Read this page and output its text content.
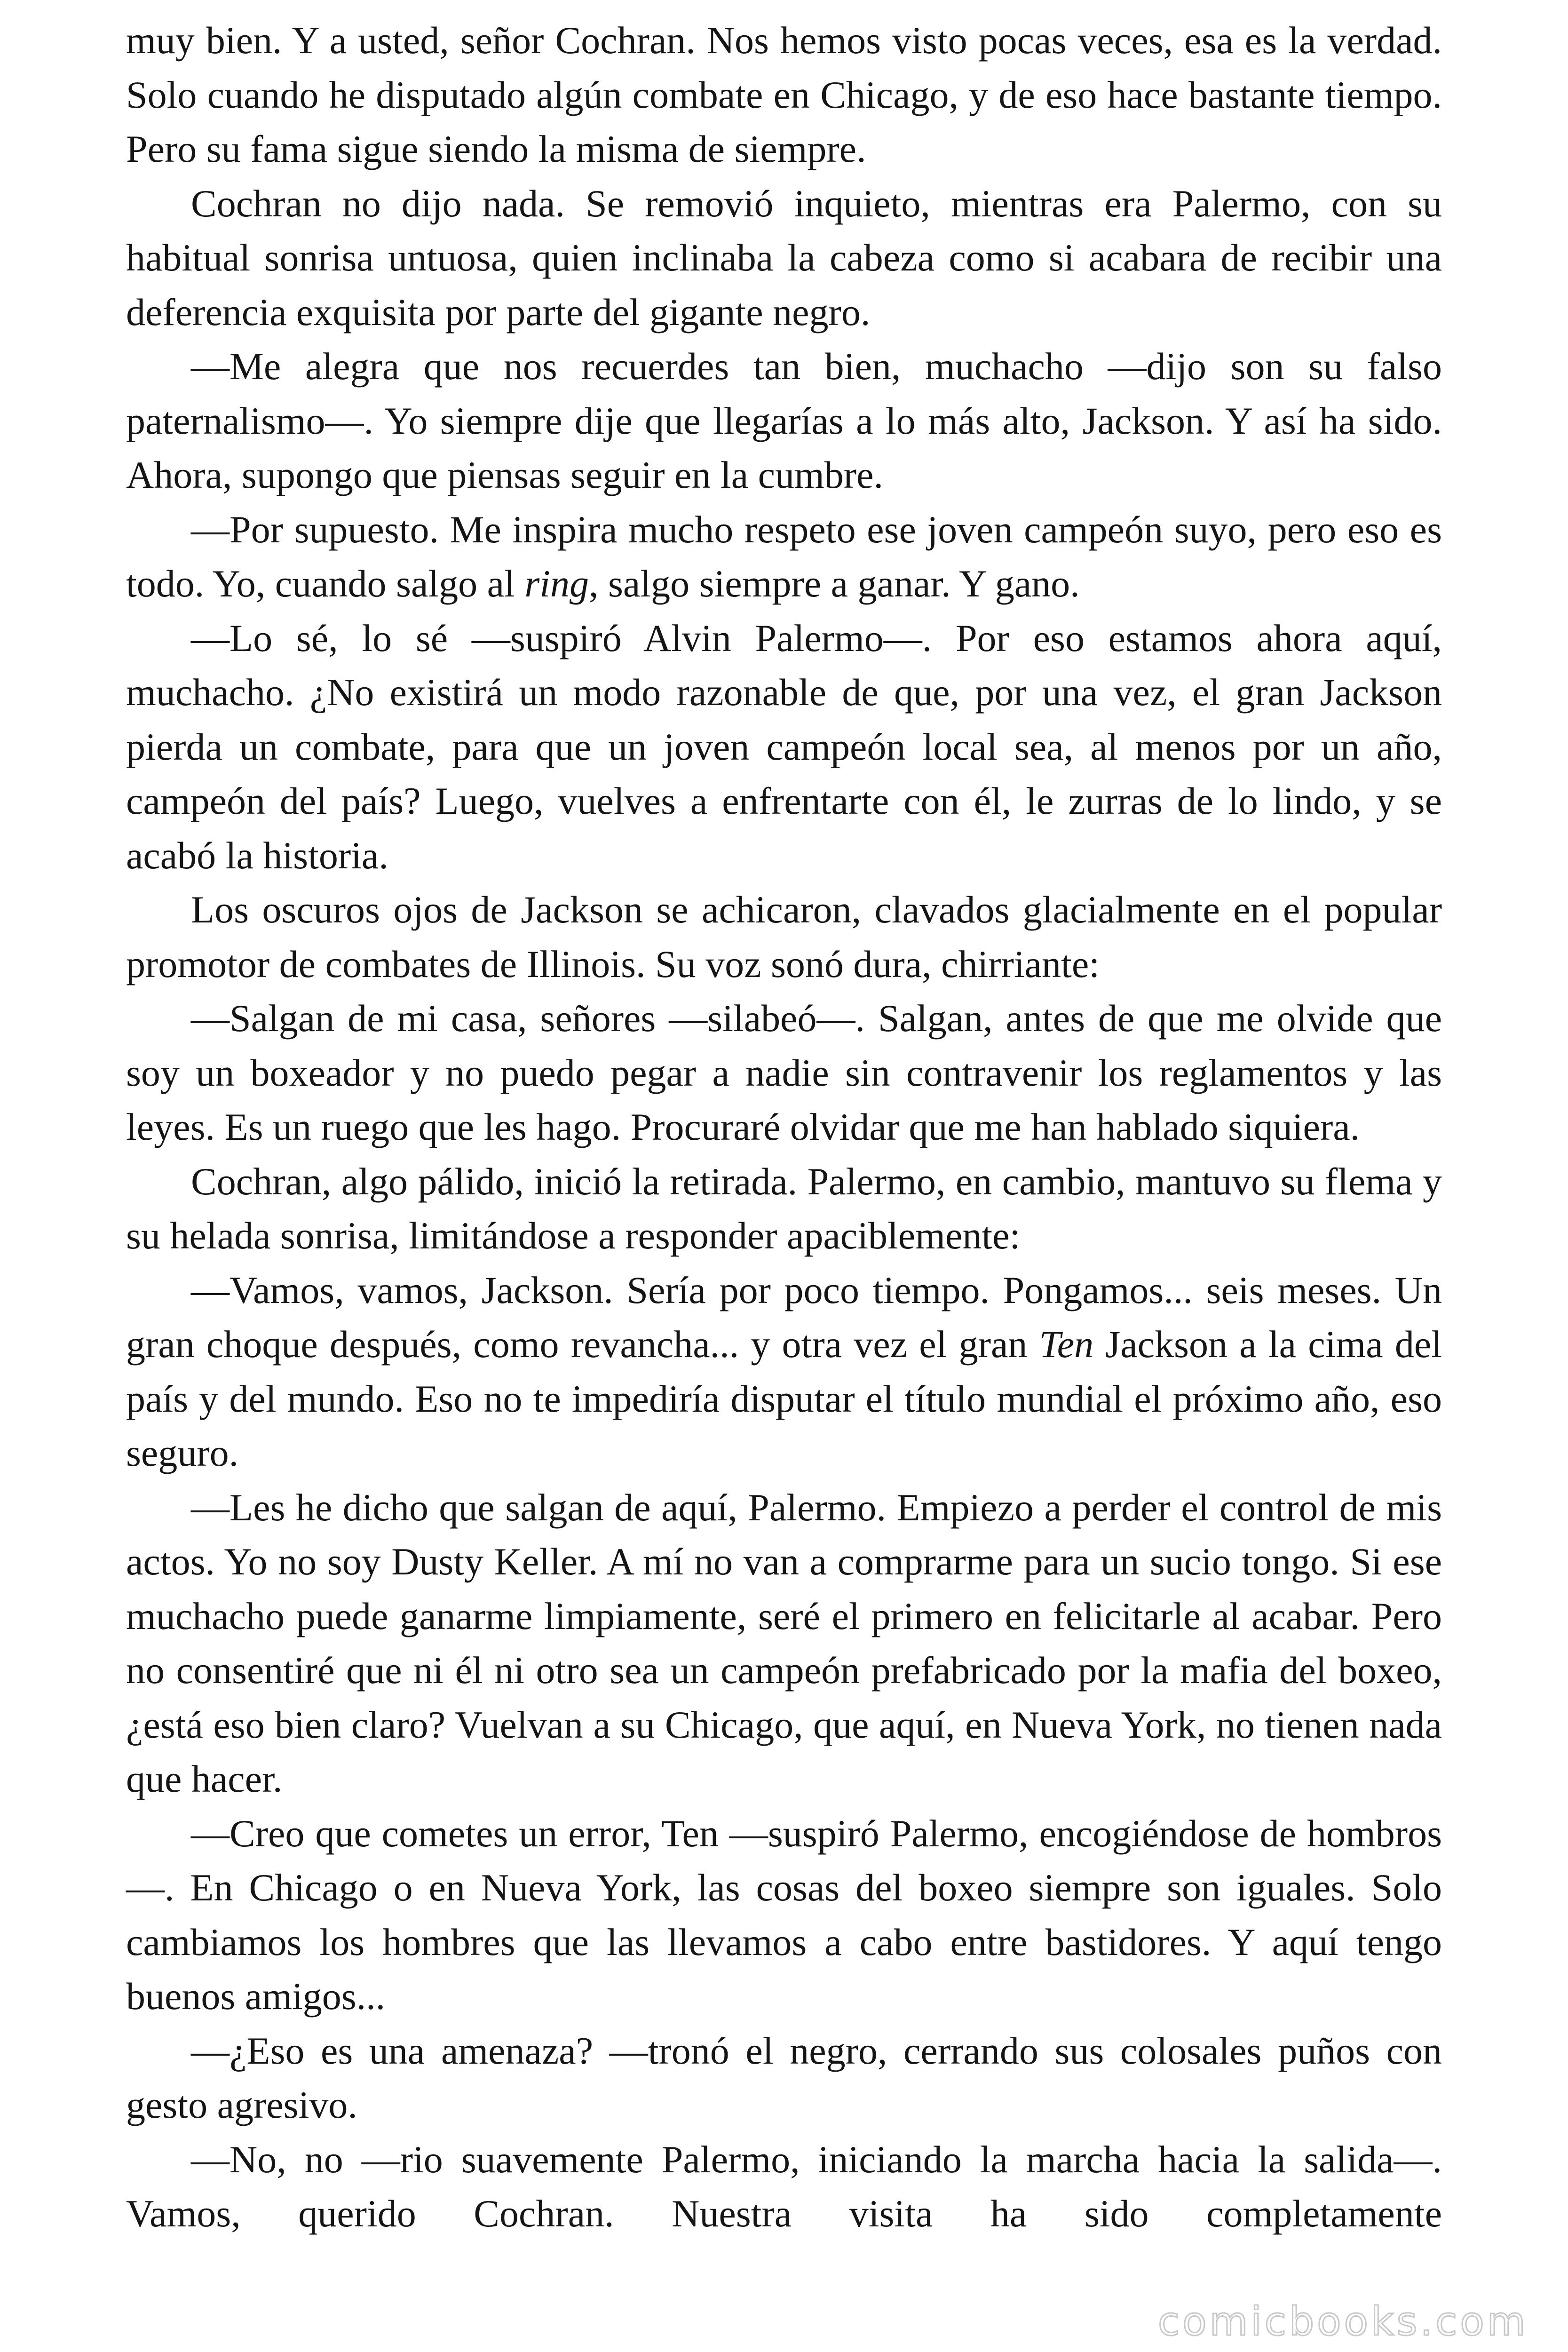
muy bien. Y a usted, señor Cochran. Nos hemos visto pocas veces, esa es la verdad. Solo cuando he disputado algún combate en Chicago, y de eso hace bastante tiempo. Pero su fama sigue siendo la misma de siempre.

Cochran no dijo nada. Se removió inquieto, mientras era Palermo, con su habitual sonrisa untuosa, quien inclinaba la cabeza como si acabara de recibir una deferencia exquisita por parte del gigante negro.

—Me alegra que nos recuerdes tan bien, muchacho —dijo son su falso paternalismo—. Yo siempre dije que llegarías a lo más alto, Jackson. Y así ha sido. Ahora, supongo que piensas seguir en la cumbre.

—Por supuesto. Me inspira mucho respeto ese joven campeón suyo, pero eso es todo. Yo, cuando salgo al ring, salgo siempre a ganar. Y gano.

—Lo sé, lo sé —suspiró Alvin Palermo—. Por eso estamos ahora aquí, muchacho. ¿No existirá un modo razonable de que, por una vez, el gran Jackson pierda un combate, para que un joven campeón local sea, al menos por un año, campeón del país? Luego, vuelves a enfrentarte con él, le zurras de lo lindo, y se acabó la historia.

Los oscuros ojos de Jackson se achicaron, clavados glacialmente en el popular promotor de combates de Illinois. Su voz sonó dura, chirriante:

—Salgan de mi casa, señores —silabeó—. Salgan, antes de que me olvide que soy un boxeador y no puedo pegar a nadie sin contravenir los reglamentos y las leyes. Es un ruego que les hago. Procuraré olvidar que me han hablado siquiera.

Cochran, algo pálido, inició la retirada. Palermo, en cambio, mantuvo su flema y su helada sonrisa, limitándose a responder apaciblemente:

—Vamos, vamos, Jackson. Sería por poco tiempo. Pongamos... seis meses. Un gran choque después, como revancha... y otra vez el gran Ten Jackson a la cima del país y del mundo. Eso no te impediría disputar el título mundial el próximo año, eso seguro.

—Les he dicho que salgan de aquí, Palermo. Empiezo a perder el control de mis actos. Yo no soy Dusty Keller. A mí no van a comprarme para un sucio tongo. Si ese muchacho puede ganarme limpiamente, seré el primero en felicitarle al acabar. Pero no consentiré que ni él ni otro sea un campeón prefabricado por la mafia del boxeo, ¿está eso bien claro? Vuelvan a su Chicago, que aquí, en Nueva York, no tienen nada que hacer.

—Creo que cometes un error, Ten —suspiró Palermo, encogiéndose de hombros—. En Chicago o en Nueva York, las cosas del boxeo siempre son iguales. Solo cambiamos los hombres que las llevamos a cabo entre bastidores. Y aquí tengo buenos amigos...

—¿Eso es una amenaza? —tronó el negro, cerrando sus colosales puños con gesto agresivo.

—No, no —rio suavemente Palermo, iniciando la marcha hacia la salida—. Vamos, querido Cochran. Nuestra visita ha sido completamente

comicbooks.com
